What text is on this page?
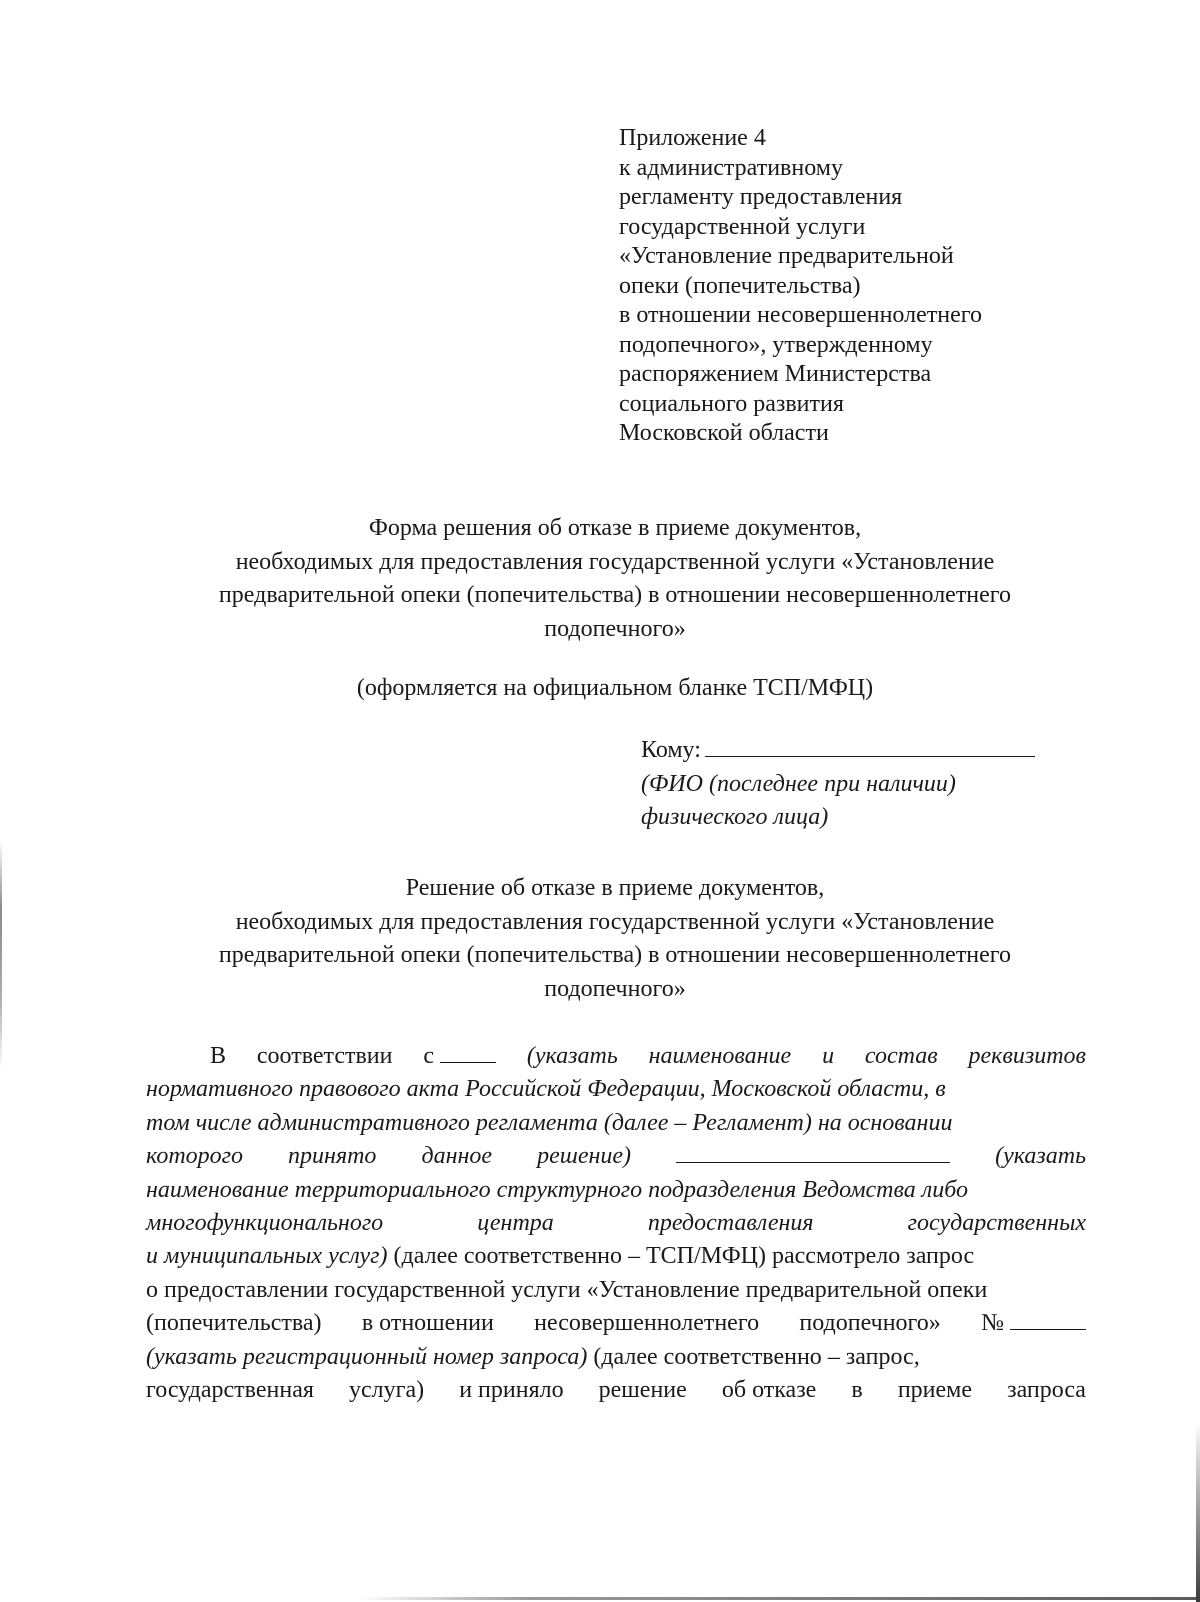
Приложение 4
к административному
регламенту предоставления
государственной услуги
«Установление предварительной
опеки (попечительства)
в отношении несовершеннолетнего
подопечного», утвержденному
распоряжением Министерства
социального развития
Московской области
Форма решения об отказе в приеме документов,
необходимых для предоставления государственной услуги «Установление
предварительной опеки (попечительства) в отношении несовершеннолетнего
подопечного»
(оформляется на официальном бланке ТСП/МФЦ)
Кому:
(ФИО (последнее при наличии)
физического лица)
Решение об отказе в приеме документов,
необходимых для предоставления государственной услуги «Установление
предварительной опеки (попечительства) в отношении несовершеннолетнего
подопечного»
В соответствии с	(указать наименование и состав реквизитов
нормативного правового акта Российской Федерации, Московской области, в
том числе административного регламента (далее – Регламент) на основании
которого принято данное решение)	(указать
наименование территориального структурного подразделения Ведомства либо
многофункционального	центра	предоставления	государственных
и муниципальных услуг) (далее соответственно – ТСП/МФЦ) рассмотрело запрос
о предоставлении государственной услуги «Установление предварительной опеки
(попечительства) в отношении несовершеннолетнего подопечного» №
(указать регистрационный номер запроса) (далее соответственно – запрос,
государственная услуга) и приняло решение об отказе в приеме запроса
